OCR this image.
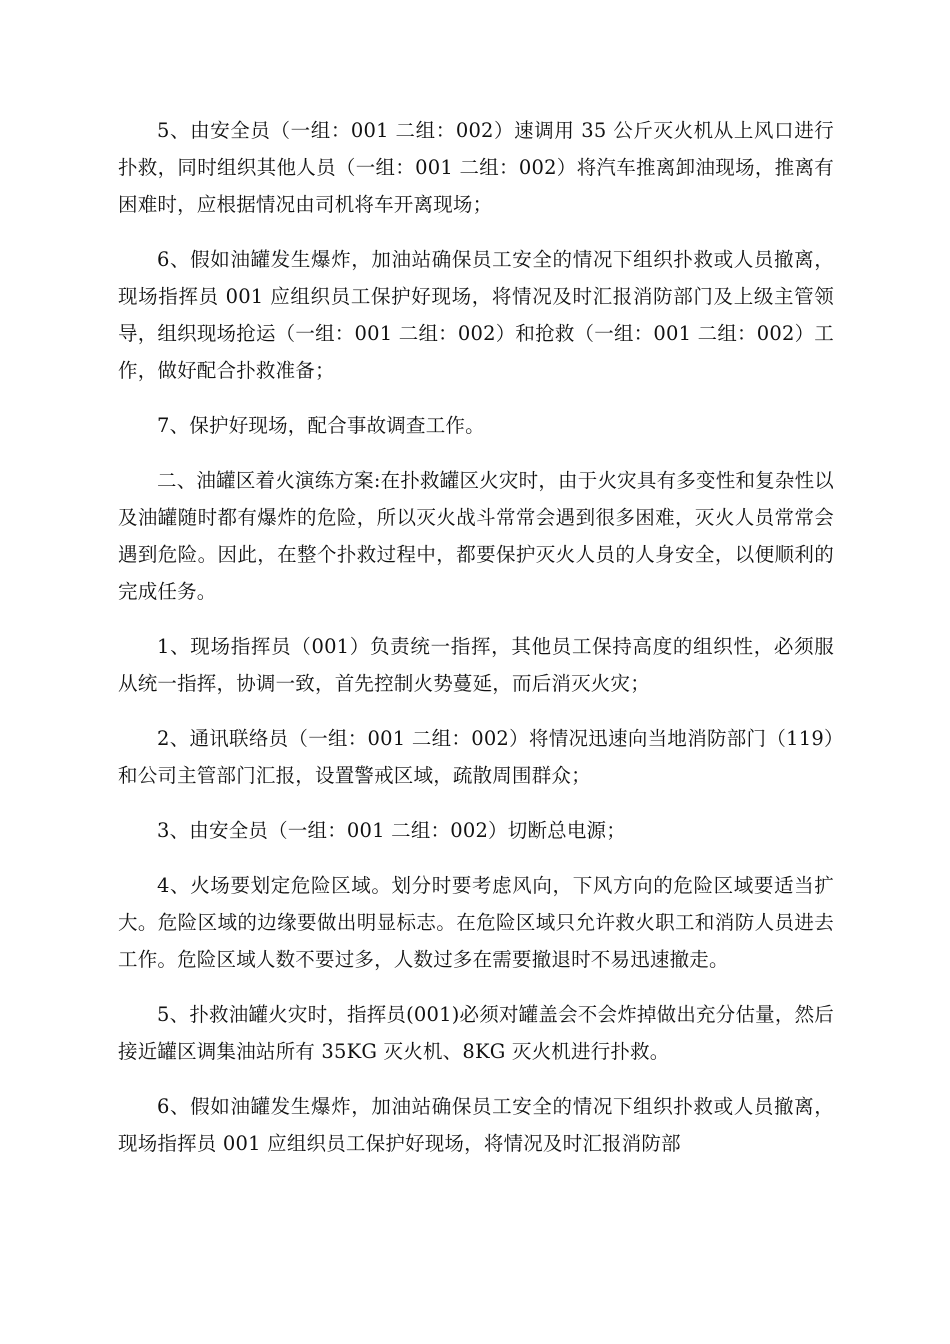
5、由安全员（一组：001 二组：002）速调用 35 公斤灭火机从上风口进行扑救，同时组织其他人员（一组：001 二组：002）将汽车推离卸油现场，推离有困难时，应根据情况由司机将车开离现场；

6、假如油罐发生爆炸，加油站确保员工安全的情况下组织扑救或人员撤离，现场指挥员 001 应组织员工保护好现场，将情况及时汇报消防部门及上级主管领导，组织现场抢运（一组：001 二组：002）和抢救（一组：001 二组：002）工作，做好配合扑救准备；

7、保护好现场，配合事故调查工作。

二、油罐区着火演练方案:在扑救罐区火灾时，由于火灾具有多变性和复杂性以及油罐随时都有爆炸的危险，所以灭火战斗常常会遇到很多困难，灭火人员常常会遇到危险。因此，在整个扑救过程中，都要保护灭火人员的人身安全，以便顺利的完成任务。

1、现场指挥员（001）负责统一指挥，其他员工保持高度的组织性，必须服从统一指挥，协调一致，首先控制火势蔓延，而后消灭火灾；

2、通讯联络员（一组：001 二组：002）将情况迅速向当地消防部门（119）和公司主管部门汇报，设置警戒区域，疏散周围群众；

3、由安全员（一组：001 二组：002）切断总电源；

4、火场要划定危险区域。划分时要考虑风向，下风方向的危险区域要适当扩大。危险区域的边缘要做出明显标志。在危险区域只允许救火职工和消防人员进去工作。危险区域人数不要过多，人数过多在需要撤退时不易迅速撤走。

5、扑救油罐火灾时，指挥员(001)必须对罐盖会不会炸掉做出充分估量，然后接近罐区调集油站所有 35KG 灭火机、8KG 灭火机进行扑救。

6、假如油罐发生爆炸，加油站确保员工安全的情况下组织扑救或人员撤离，现场指挥员 001 应组织员工保护好现场，将情况及时汇报消防部
